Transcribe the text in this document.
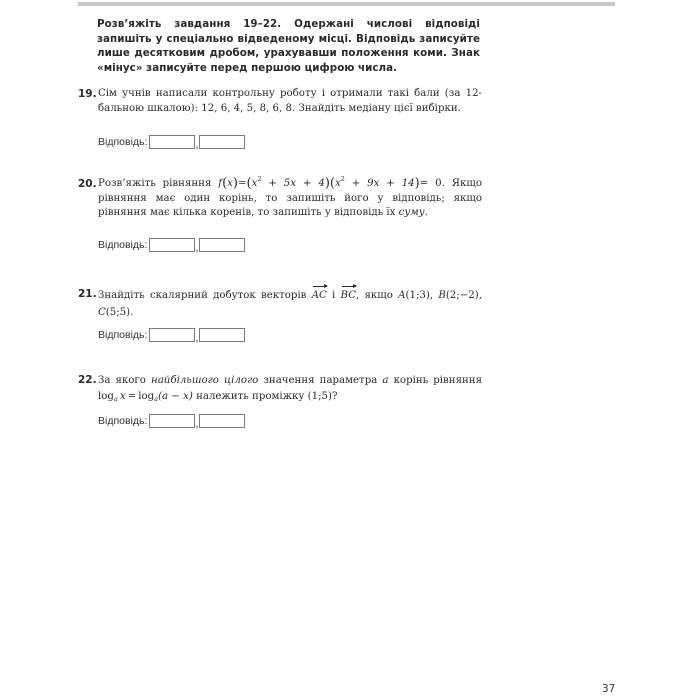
Розв’яжіть завдання 19–22. Одержані числові відповіді запишіть у спеціально відведеному місці. Відповідь записуйте лише десятковим дробом, урахувавши положення коми. Знак «мінус» записуйте перед першою цифрою числа.
19. Сім учнів написали контрольну роботу і отримали такі бали (за 12-бальною шкалою): 12, 6, 4, 5, 8, 6, 8. Знайдіть медіану цієї вибірки.
Відповідь:	,
20. Розв’яжіть рівняння $f(x)=(x^2 + 5x + 4)(x^2 + 9x + 14)= 0$. Якщо рівняння має один корінь, то запишіть його у відповідь; якщо рівняння має кілька коренів, то запишіть у відповідь їх суму.
Відповідь:	,
21. Знайдіть скалярний добуток векторів AC і BC, якщо A(1;3), B(2;−2), C(5;5).
Відповідь:	,
22. За якого найбільшого цілого значення параметра a корінь рівняння $\log_a x = \log_a(a - x)$ належить проміжку (1;5)?
Відповідь:	,
37
